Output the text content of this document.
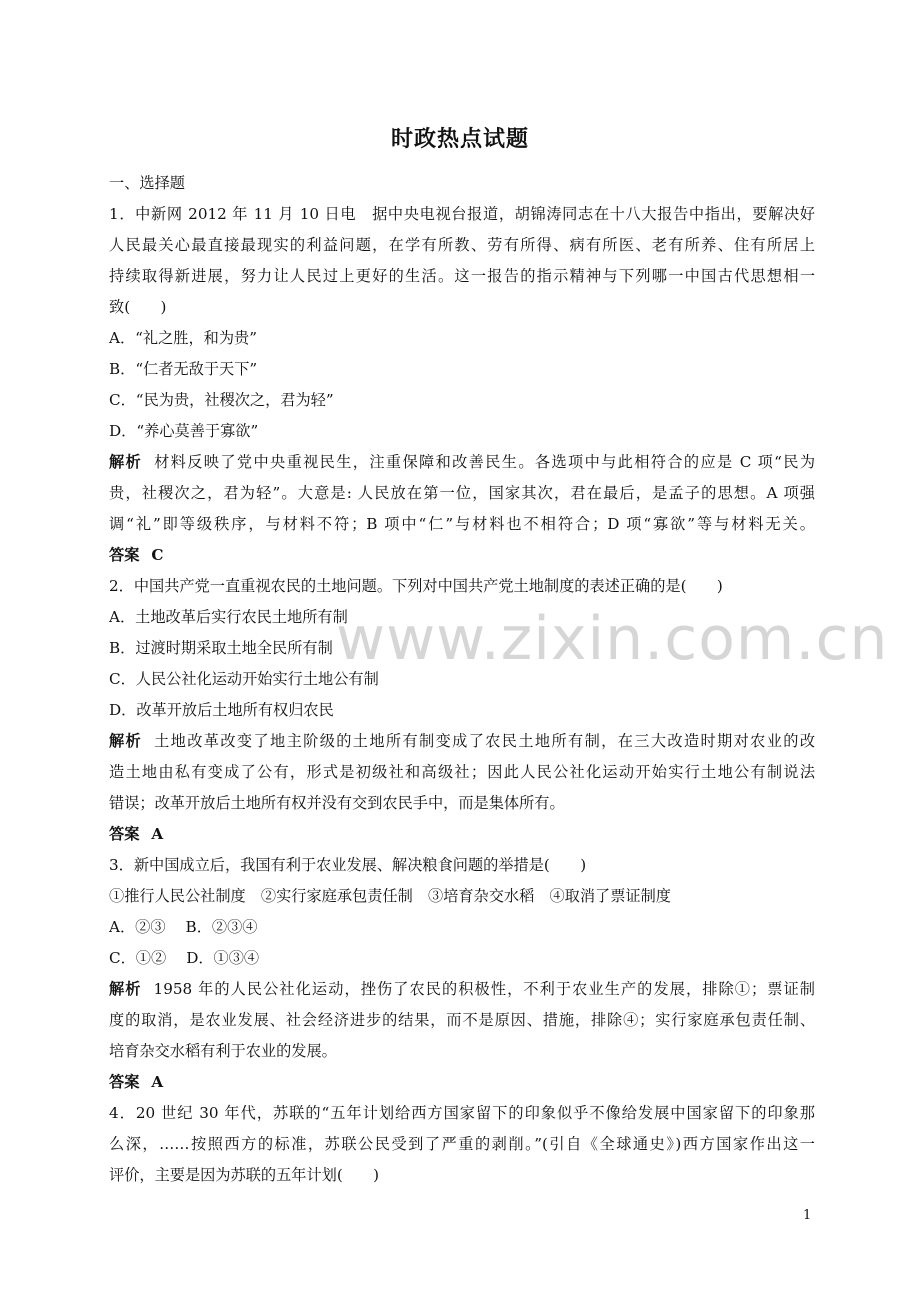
时政热点试题
一、选择题
1．中新网 2012 年 11 月 10 日电　据中央电视台报道，胡锦涛同志在十八大报告中指出，要解决好
人民最关心最直接最现实的利益问题，在学有所教、劳有所得、病有所医、老有所养、住有所居上
持续取得新进展，努力让人民过上更好的生活。这一报告的指示精神与下列哪一中国古代思想相一
致(　　)
A．“礼之胜，和为贵”
B．“仁者无敌于天下”
C．“民为贵，社稷次之，君为轻”
D．“养心莫善于寡欲”
解析 材料反映了党中央重视民生，注重保障和改善民生。各选项中与此相符合的应是 C 项“民为
贵，社稷次之，君为轻”。大意是: 人民放在第一位，国家其次，君在最后，是孟子的思想。A 项强
调“礼”即等级秩序，与材料不符；B 项中“仁”与材料也不相符合；D 项“寡欲”等与材料无关。
答案 C
2．中国共产党一直重视农民的土地问题。下列对中国共产党土地制度的表述正确的是(　　)
A．土地改革后实行农民土地所有制
B．过渡时期采取土地全民所有制
C．人民公社化运动开始实行土地公有制
D．改革开放后土地所有权归农民
解析 土地改革改变了地主阶级的土地所有制变成了农民土地所有制，在三大改造时期对农业的改
造土地由私有变成了公有，形式是初级社和高级社；因此人民公社化运动开始实行土地公有制说法
错误；改革开放后土地所有权并没有交到农民手中，而是集体所有。
答案 A
3．新中国成立后，我国有利于农业发展、解决粮食问题的举措是(　　)
①推行人民公社制度　②实行家庭承包责任制　③培育杂交水稻　④取消了票证制度
A．②③　 B．②③④
C．①②　 D．①③④
解析 1958 年的人民公社化运动，挫伤了农民的积极性，不利于农业生产的发展，排除①；票证制
度的取消，是农业发展、社会经济进步的结果，而不是原因、措施，排除④；实行家庭承包责任制、
培育杂交水稻有利于农业的发展。
答案 A
4．20 世纪 30 年代，苏联的“五年计划给西方国家留下的印象似乎不像给发展中国家留下的印象那
么深，……按照西方的标准，苏联公民受到了严重的剥削。”(引自《全球通史》)西方国家作出这一
评价，主要是因为苏联的五年计划(　　)
www.zixin.com.cn
1
